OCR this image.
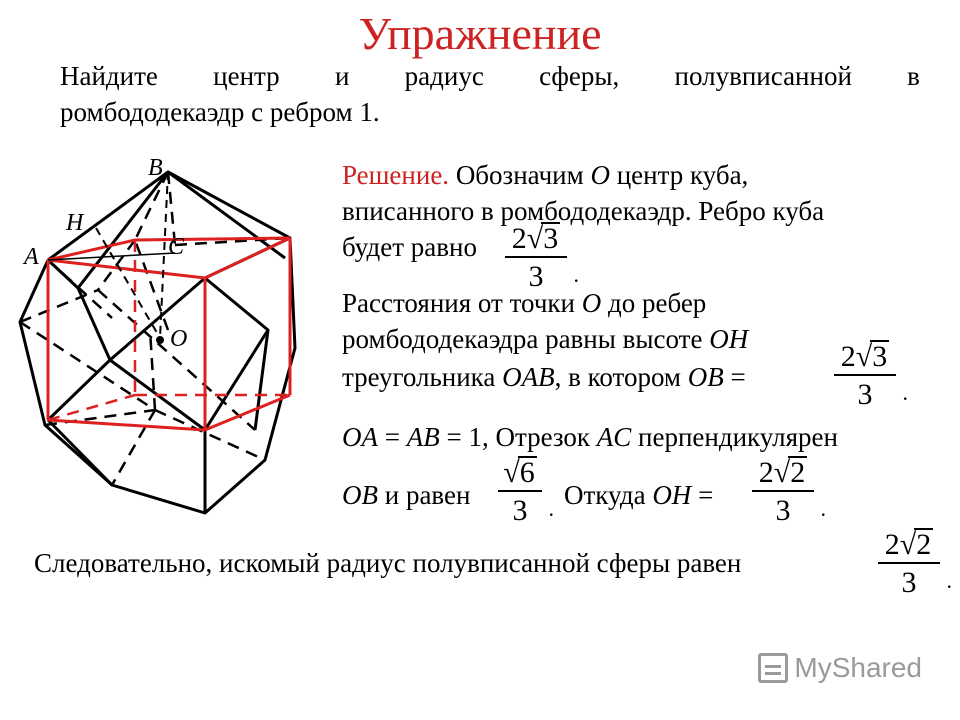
Упражнение
Найдите центр и радиус сферы, полувписанной в
ромбододекаэдр с ребром 1.
B
H
A	C
O
Решение. Обозначим O центр куба,
вписанного в ромбододекаэдр. Ребро куба
будет равно
Расстояния от точки O до ребер
ромбододекаэдра равны высоте OH
треугольника OAB, в котором OB =
OA = AB = 1, Отрезок AC перпендикулярен
OB и равен	Откуда OH =
Следовательно, искомый радиус полувписанной сферы равен
2√3
3	.
2√3
3	.
√6
3 .
2√2
3	.
2√2
3	.
MyShared
